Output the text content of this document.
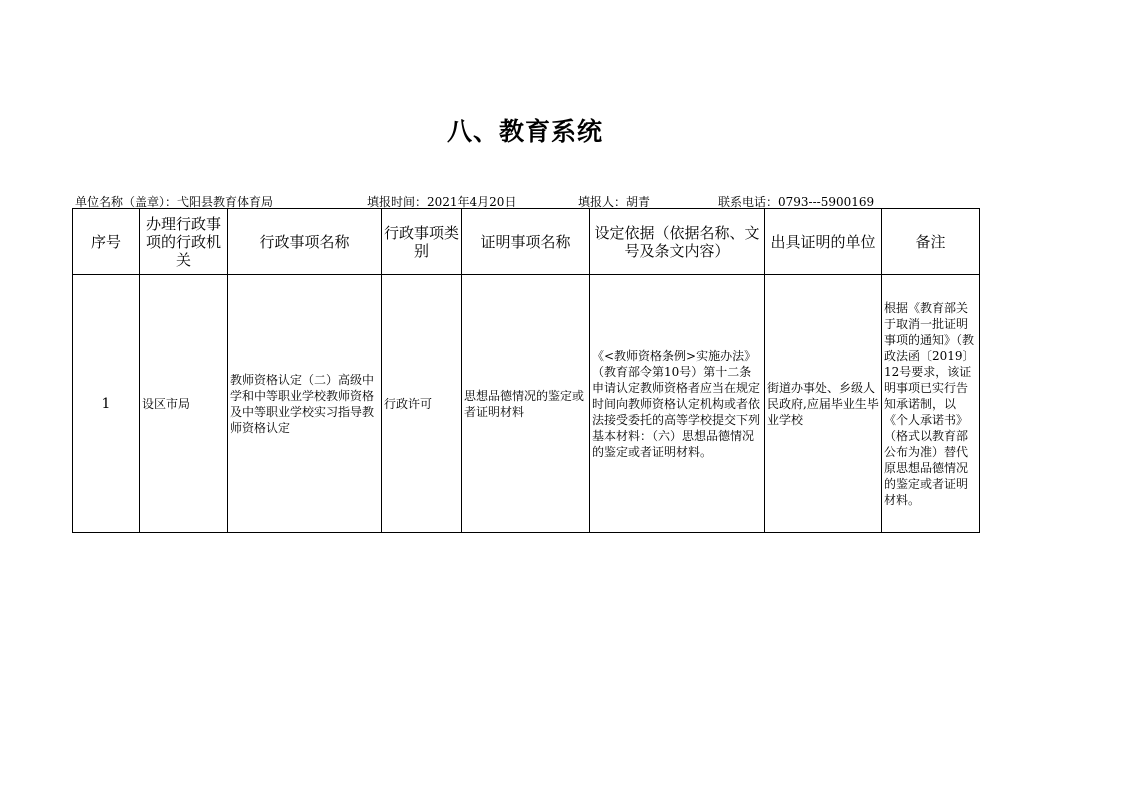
八、教育系统
单位名称（盖章）：弋阳县教育体育局	填报时间：2021年4月20日	填报人：胡青	联系电话：0793---5900169
序号	办理行政事项的行政机关	行政事项名称	行政事项类别	证明事项名称	设定依据（依据名称、文号及条文内容）	出具证明的单位	备注
1	设区市局	教师资格认定（二）高级中学和中等职业学校教师资格及中等职业学校实习指导教师资格认定	行政许可	思想品德情况的鉴定或者证明材料	《<教师资格条例>实施办法》（教育部令第10号）第十二条　申请认定教师资格者应当在规定时间向教师资格认定机构或者依法接受委托的高等学校提交下列基本材料：（六）思想品德情况的鉴定或者证明材料。	街道办事处、乡级人民政府,应届毕业生毕业学校	根据《教育部关于取消一批证明事项的通知》（教政法函〔2019〕12号要求，该证明事项已实行告知承诺制，以《个人承诺书》（格式以教育部公布为准）替代原思想品德情况的鉴定或者证明材料。
